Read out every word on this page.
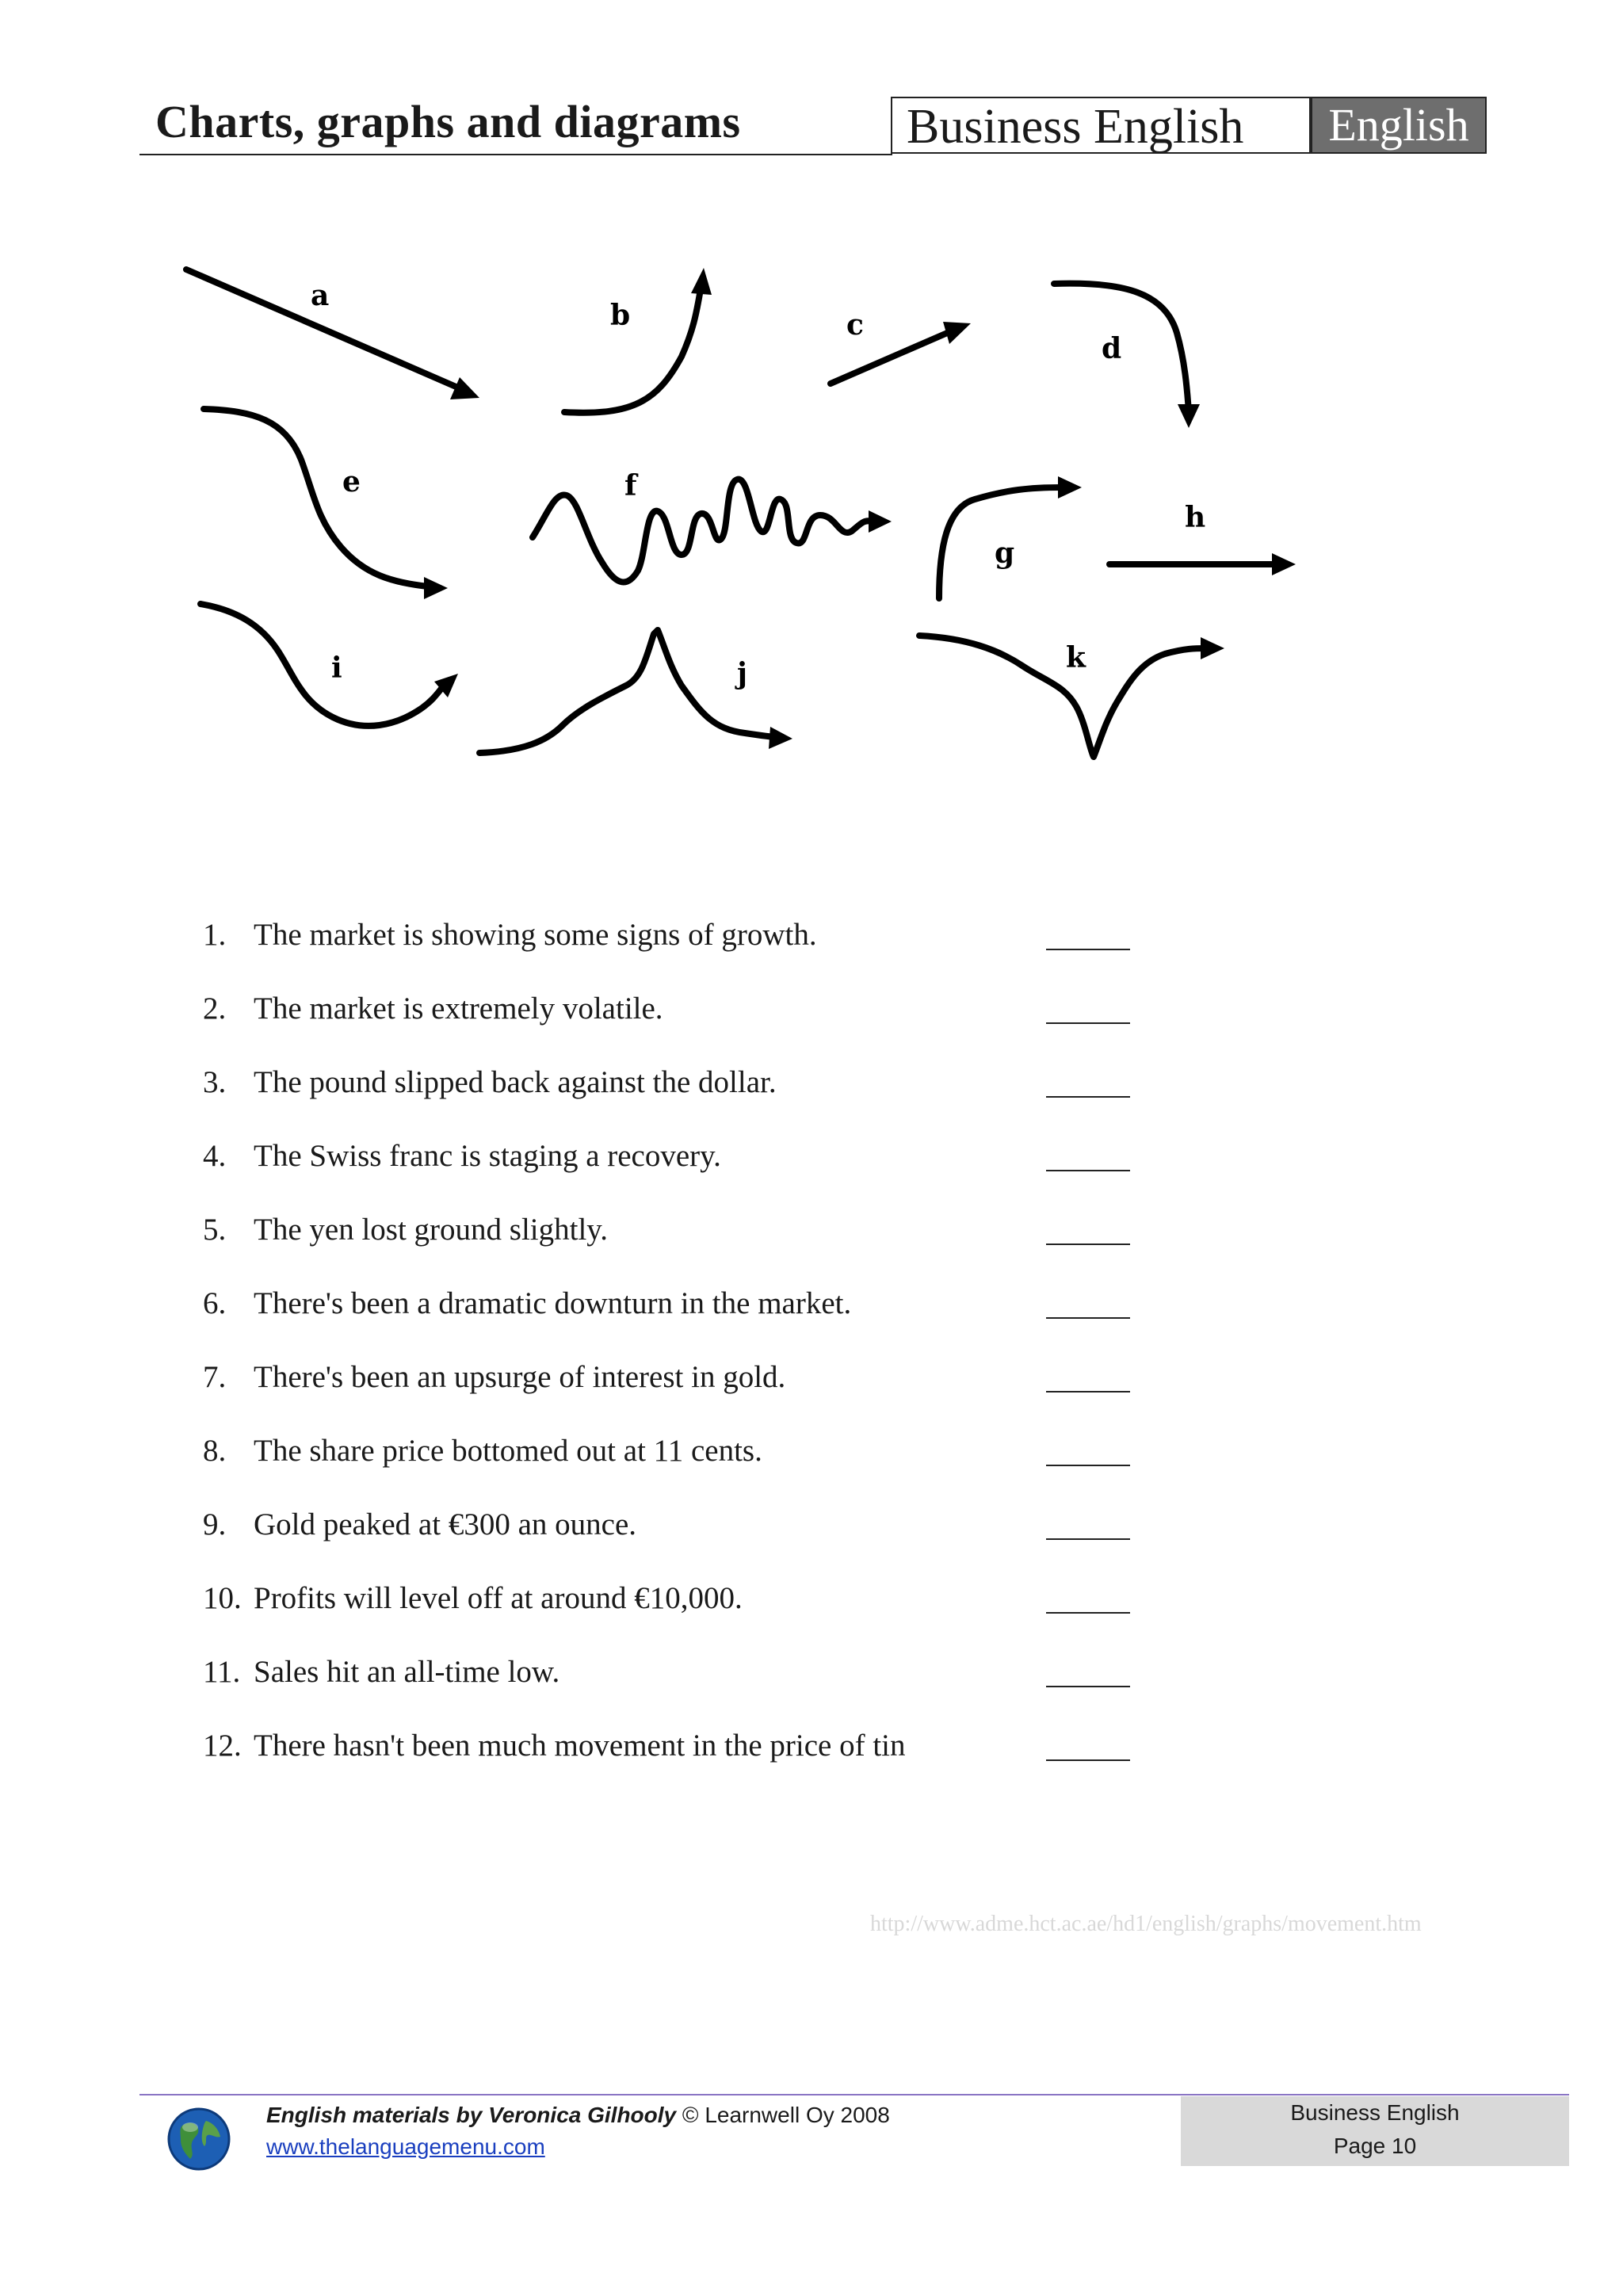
Charts, graphs and diagrams	Business English	English
a
b	c
d
e	f
g
h
i	j	k
1. The market is showing some signs of growth.
2. The market is extremely volatile.
3. The pound slipped back against the dollar.
4. The Swiss franc is staging a recovery.
5. The yen lost ground slightly.
6. There's been a dramatic downturn in the market.
7. There's been an upsurge of interest in gold.
8. The share price bottomed out at 11 cents.
9. Gold peaked at €300 an ounce.
10. Profits will level off at around €10,000.
11. Sales hit an all-time low.
12. There hasn't been much movement in the price of tin
http://www.adme.hct.ac.ae/hd1/english/graphs/movement.htm
English materials by Veronica Gilhooly © Learnwell Oy 2008
www.thelanguagemenu.com
Business English
Page 10
